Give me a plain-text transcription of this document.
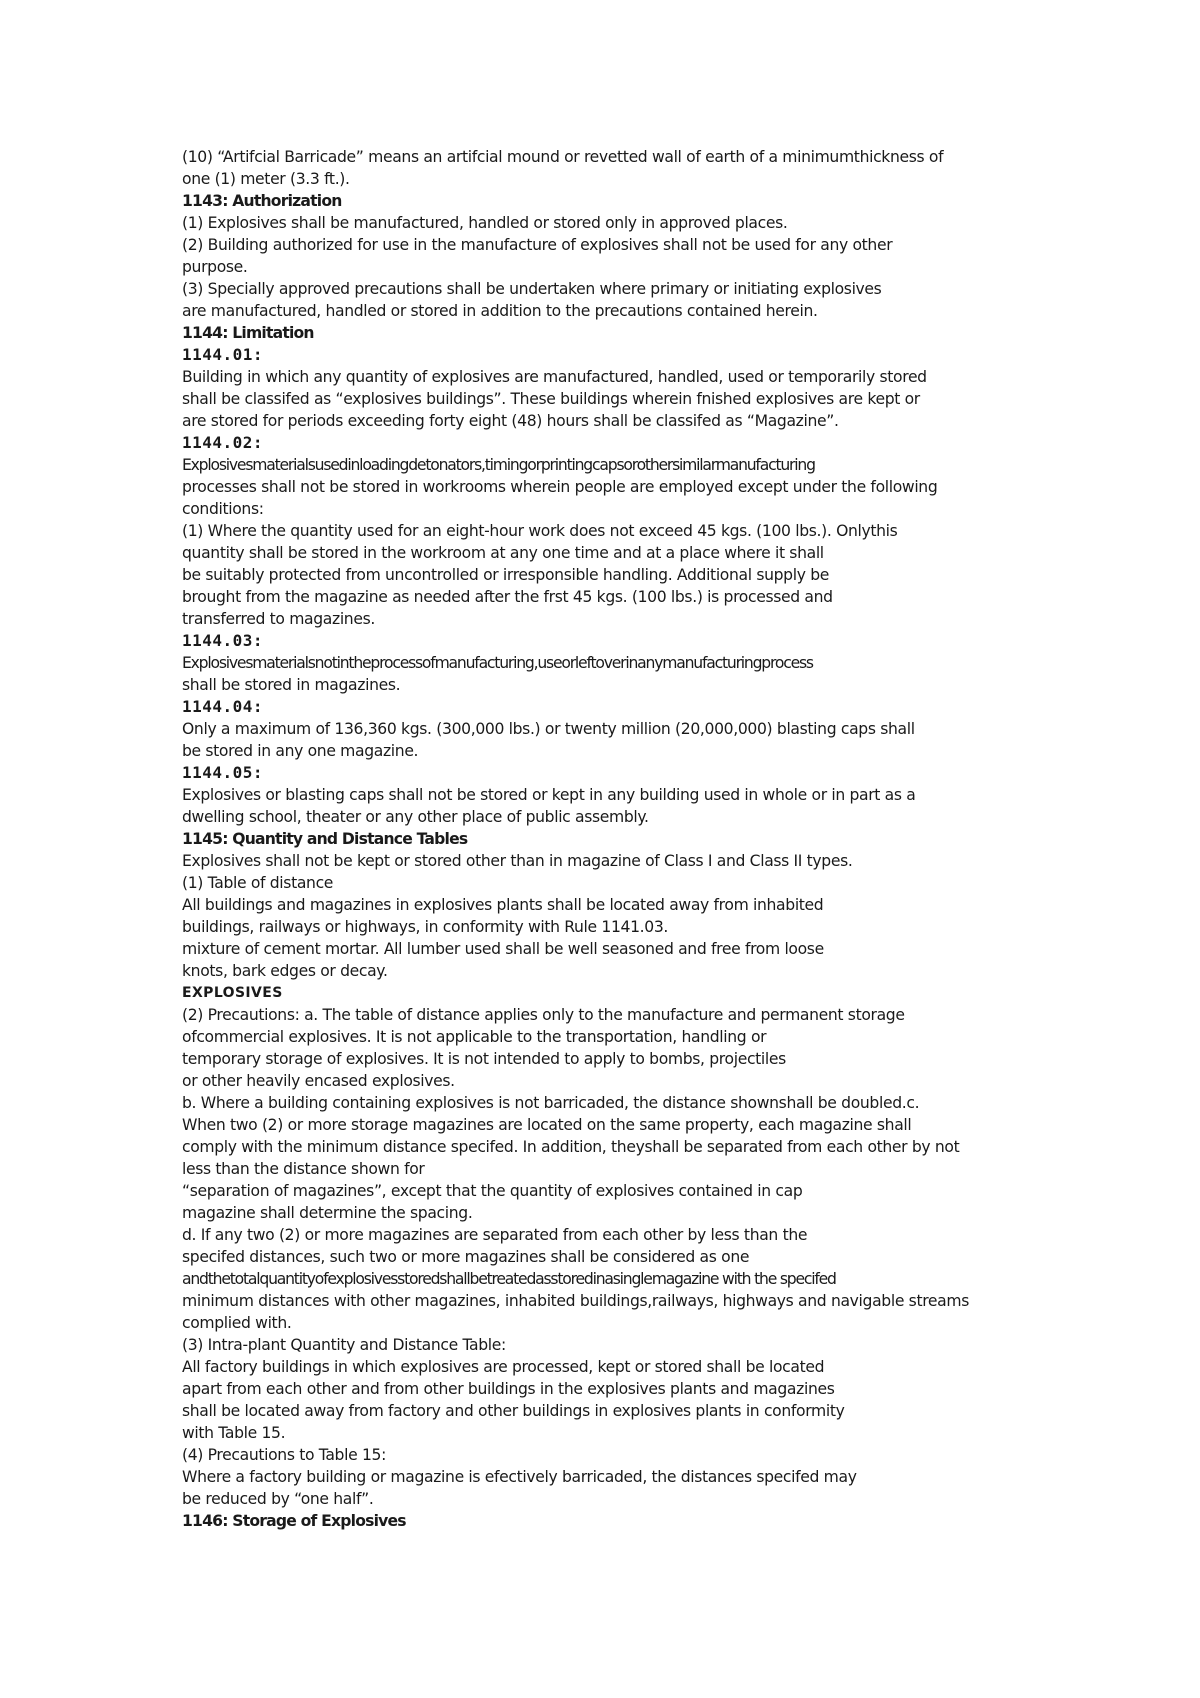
(10) “Artifcial Barricade” means an artifcial mound or revetted wall of earth of a minimumthickness of
one (1) meter (3.3 ft.).
1143: Authorization
(1) Explosives shall be manufactured, handled or stored only in approved places.
(2) Building authorized for use in the manufacture of explosives shall not be used for any other
purpose.
(3) Specially approved precautions shall be undertaken where primary or initiating explosives
are manufactured, handled or stored in addition to the precautions contained herein.
1144: Limitation
1144.01:
Building in which any quantity of explosives are manufactured, handled, used or temporarily stored
shall be classifed as “explosives buildings”. These buildings wherein fnished explosives are kept or
are stored for periods exceeding forty eight (48) hours shall be classifed as “Magazine”.
1144.02:
Explosivesmaterialsusedinloadingdetonators,timingorprintingcapsorothersimilarmanufacturing
processes shall not be stored in workrooms wherein people are employed except under the following
conditions:
(1) Where the quantity used for an eight-hour work does not exceed 45 kgs. (100 lbs.). Onlythis
quantity shall be stored in the workroom at any one time and at a place where it shall
be suitably protected from uncontrolled or irresponsible handling. Additional supply be
brought from the magazine as needed after the frst 45 kgs. (100 lbs.) is processed and
transferred to magazines.
1144.03:
Explosivesmaterialsnotintheprocessofmanufacturing,useorleftoverinanymanufacturingprocess
shall be stored in magazines.
1144.04:
Only a maximum of 136,360 kgs. (300,000 lbs.) or twenty million (20,000,000) blasting caps shall
be stored in any one magazine.
1144.05:
Explosives or blasting caps shall not be stored or kept in any building used in whole or in part as a
dwelling school, theater or any other place of public assembly.
1145: Quantity and Distance Tables
Explosives shall not be kept or stored other than in magazine of Class I and Class II types.
(1) Table of distance
All buildings and magazines in explosives plants shall be located away from inhabited
buildings, railways or highways, in conformity with Rule 1141.03.
mixture of cement mortar. All lumber used shall be well seasoned and free from loose
knots, bark edges or decay.
EXPLOSIVES
(2) Precautions: a. The table of distance applies only to the manufacture and permanent storage
ofcommercial explosives. It is not applicable to the transportation, handling or
temporary storage of explosives. It is not intended to apply to bombs, projectiles
or other heavily encased explosives.
b. Where a building containing explosives is not barricaded, the distance shownshall be doubled.c.
When two (2) or more storage magazines are located on the same property, each magazine shall
comply with the minimum distance specifed. In addition, theyshall be separated from each other by not
less than the distance shown for
“separation of magazines”, except that the quantity of explosives contained in cap
magazine shall determine the spacing.
d. If any two (2) or more magazines are separated from each other by less than the
specifed distances, such two or more magazines shall be considered as one
andthetotalquantityofexplosivesstoredshallbetreatedasstoredinasinglemagazine with the specifed
minimum distances with other magazines, inhabited buildings,railways, highways and navigable streams
complied with.
(3) Intra-plant Quantity and Distance Table:
All factory buildings in which explosives are processed, kept or stored shall be located
apart from each other and from other buildings in the explosives plants and magazines
shall be located away from factory and other buildings in explosives plants in conformity
with Table 15.
(4) Precautions to Table 15:
Where a factory building or magazine is efectively barricaded, the distances specifed may
be reduced by “one half”.
1146: Storage of Explosives
